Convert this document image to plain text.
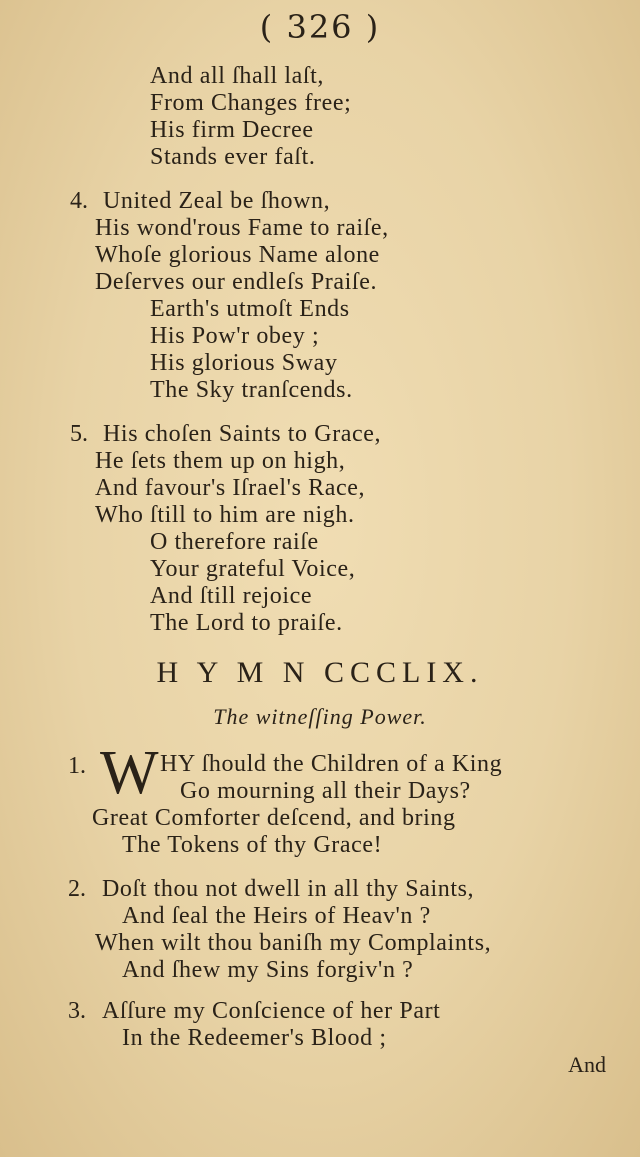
( 326 )
And all ſhall laſt,
From Changes free;
His firm Decree
Stands ever faſt.
4. United Zeal be ſhown,
His wond'rous Fame to raiſe,
Whoſe glorious Name alone
Deſerves our endleſs Praiſe.
Earth's utmoſt Ends
His Pow'r obey ;
His glorious Sway
The Sky tranſcends.
5. His choſen Saints to Grace,
He ſets them up on high,
And favour's Iſrael's Race,
Who ſtill to him are nigh.
O therefore raiſe
Your grateful Voice,
And ſtill rejoice
The Lord to praiſe.
H Y M N CCCLIX.
The witneſſing Power.
1. W HY ſhould the Children of a King
Go mourning all their Days?
Great Comforter deſcend, and bring
The Tokens of thy Grace!
2. Doſt thou not dwell in all thy Saints,
And ſeal the Heirs of Heav'n ?
When wilt thou baniſh my Complaints,
And ſhew my Sins forgiv'n ?
3. Aſſure my Conſcience of her Part
In the Redeemer's Blood ;
And
